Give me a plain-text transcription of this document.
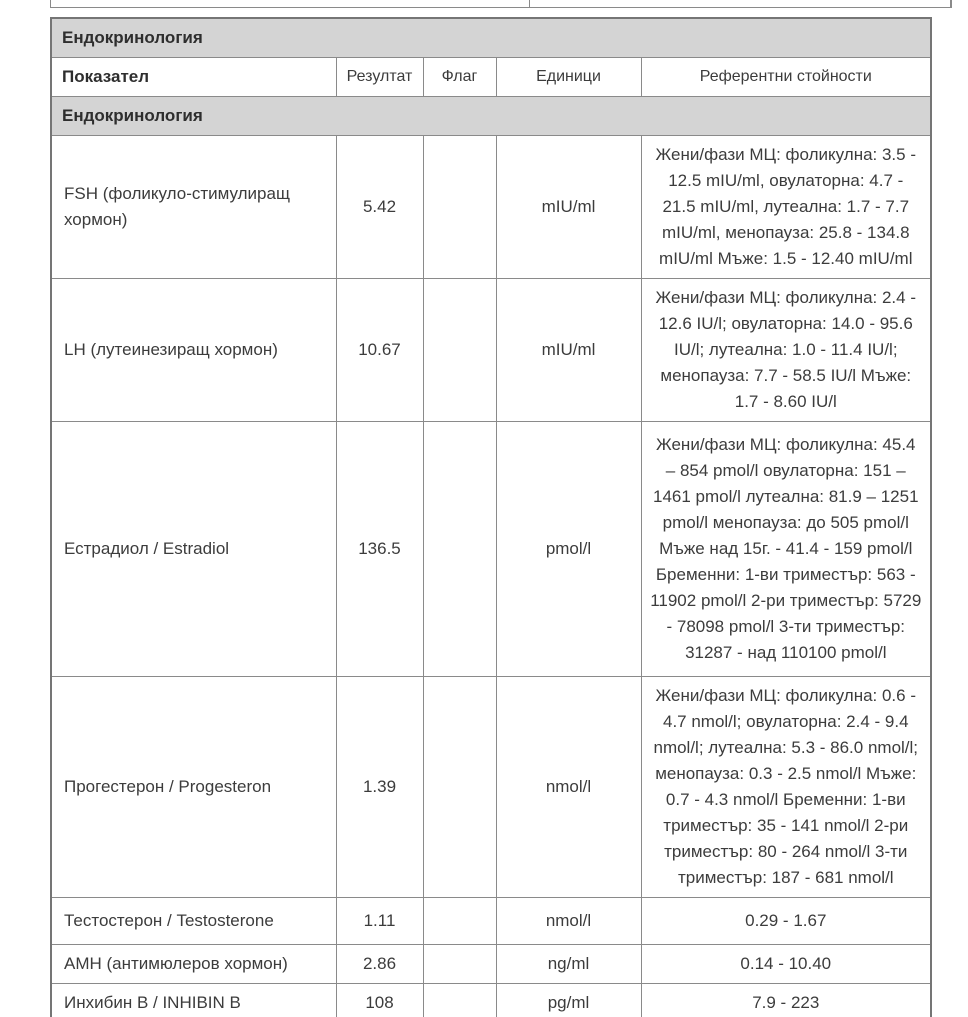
Ендокринология				
Показател	Резултат	Флаг	Единици	Референтни стойности
Ендокринология				
FSH (фоликуло-стимулиращ хормон)	5.42		mIU/ml	Жени/фази МЦ: фоликулна: 3.5 - 12.5 mIU/ml, овулаторна: 4.7 - 21.5 mIU/ml, лутеална: 1.7 - 7.7 mIU/ml, менопауза: 25.8 - 134.8 mIU/ml Мъже: 1.5 - 12.40 mIU/ml
LH (лутеинезиращ хормон)	10.67		mIU/ml	Жени/фази МЦ: фоликулна: 2.4 - 12.6 IU/l; овулаторна: 14.0 - 95.6 IU/l; лутеална: 1.0 - 11.4 IU/l; менопауза: 7.7 - 58.5 IU/l Мъже: 1.7 - 8.60 IU/l
Естрадиол / Estradiol	136.5		pmol/l	Жени/фази МЦ: фоликулна: 45.4 – 854 pmol/l овулаторна: 151 – 1461 pmol/l лутеална: 81.9 – 1251 pmol/l менопауза: до 505 pmol/l Мъже над 15г. - 41.4 - 159 pmol/l Бременни: 1-ви триместър: 563 - 11902 pmol/l 2-ри триместър: 5729 - 78098 pmol/l 3-ти триместър: 31287 - над 110100 pmol/l
Прогестерон / Progesteron	1.39		nmol/l	Жени/фази МЦ: фоликулна: 0.6 - 4.7 nmol/l; овулаторна: 2.4 - 9.4 nmol/l; лутеална: 5.3 - 86.0 nmol/l; менопауза: 0.3 - 2.5 nmol/l Мъже: 0.7 - 4.3 nmol/l Бременни: 1-ви триместър: 35 - 141 nmol/l 2-ри триместър: 80 - 264 nmol/l 3-ти триместър: 187 - 681 nmol/l
Тестостерон / Testosterone	1.11		nmol/l	0.29 - 1.67
АМН (антимюлеров хормон)	2.86		ng/ml	0.14 - 10.40
Инхибин B / INHIBIN B	108		pg/ml	7.9 - 223
